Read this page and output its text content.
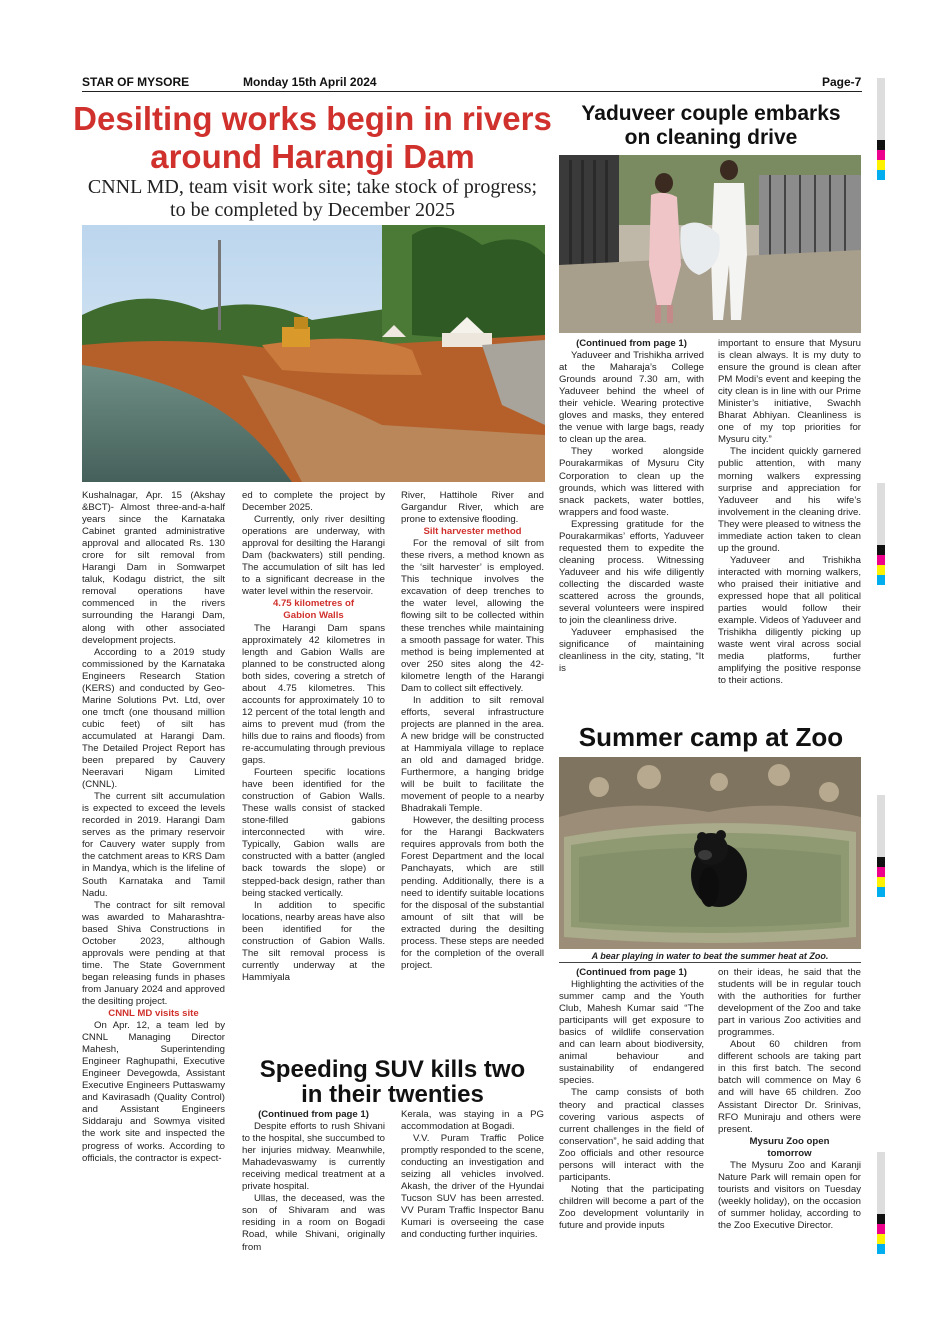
STAR OF MYSORE	Monday 15th April 2024	Page-7
Desilting works begin in rivers
around Harangi Dam
CNNL MD, team visit work site; take stock of progress;
to be completed by December 2025

Kushalnagar, Apr. 15 (Akshay &BCT)- Almost three-and-a-half years since the Karnataka Cabinet granted administrative approval and allocated Rs. 130 crore for silt removal from Harangi Dam in Somwarpet taluk, Kodagu district, the silt removal operations have commenced in the rivers surrounding the Harangi Dam, along with other associated development projects.

According to a 2019 study commissioned by the Karnataka Engineers Research Station (KERS) and conducted by Geo-Marine Solutions Pvt. Ltd, over one tmcft (one thousand million cubic feet) of silt has accumulated at Harangi Dam. The Detailed Project Report has been prepared by Cauvery Neeravari Nigam Limited (CNNL).

The current silt accumulation is expected to exceed the levels recorded in 2019. Harangi Dam serves as the primary reservoir for Cauvery water supply from the catchment areas to KRS Dam in Mandya, which is the lifeline of South Karnataka and Tamil Nadu.

The contract for silt removal was awarded to Maharashtra-based Shiva Constructions in October 2023, although approvals were pending at that time. The State Government began releasing funds in phases from January 2024 and approved the desilting project.

CNNL MD visits site

On Apr. 12, a team led by CNNL Managing Director Mahesh, Superintending Engineer Raghupathi, Executive Engineer Devegowda, Assistant Executive Engineers Puttaswamy and Kavirasadh (Quality Control) and Assistant Engineers Siddaraju and Sowmya visited the work site and inspected the progress of works. According to officials, the contractor is expect-

ed to complete the project by December 2025.

Currently, only river desilting operations are underway, with approval for desilting the Harangi Dam (backwaters) still pending. The accumulation of silt has led to a significant decrease in the water level within the reservoir.

4.75 kilometres of

Gabion Walls

The Harangi Dam spans approximately 42 kilometres in length and Gabion Walls are planned to be constructed along both sides, covering a stretch of about 4.75 kilometres. This accounts for approximately 10 to 12 percent of the total length and aims to prevent mud (from the hills due to rains and floods) from re-accumulating through previous gaps.

Fourteen specific locations have been identified for the construction of Gabion Walls. These walls consist of stacked stone-filled gabions interconnected with wire. Typically, Gabion walls are constructed with a batter (angled back towards the slope) or stepped-back design, rather than being stacked vertically.

In addition to specific locations, nearby areas have also been identified for the construction of Gabion Walls. The silt removal process is currently underway at the Hammiyala

River, Hattihole River and Gargandur River, which are prone to extensive flooding.

Silt harvester method

For the removal of silt from these rivers, a method known as the ‘silt harvester’ is employed. This technique involves the excavation of deep trenches to the water level, allowing the flowing silt to be collected within these trenches while maintaining a smooth passage for water. This method is being implemented at over 250 sites along the 42-kilometre length of the Harangi Dam to collect silt effectively.

In addition to silt removal efforts, several infrastructure projects are planned in the area. A new bridge will be constructed at Hammiyala village to replace an old and damaged bridge. Furthermore, a hanging bridge will be built to facilitate the movement of people to a nearby Bhadrakali Temple.

However, the desilting process for the Harangi Backwaters requires approvals from both the Forest Department and the local Panchayats, which are still pending. Additionally, there is a need to identify suitable locations for the disposal of the substantial amount of silt that will be extracted during the desilting process. These steps are needed for the completion of the overall project.

Speeding SUV kills two
in their twenties

(Continued from page 1)

Despite efforts to rush Shivani to the hospital, she succumbed to her injuries midway. Meanwhile, Mahadevaswamy is currently receiving medical treatment at a private hospital.

Ullas, the deceased, was the son of Shivaram and was residing in a room on Bogadi Road, while Shivani, originally from

Kerala, was staying in a PG accommodation at Bogadi.

V.V. Puram Traffic Police promptly responded to the scene, conducting an investigation and seizing all vehicles involved. Akash, the driver of the Hyundai Tucson SUV has been arrested. VV Puram Traffic Inspector Banu Kumari is overseeing the case and conducting further inquiries.

Yaduveer couple embarks
on cleaning drive

(Continued from page 1)

Yaduveer and Trishikha arrived at the Maharaja’s College Grounds around 7.30 am, with Yaduveer behind the wheel of their vehicle. Wearing protective gloves and masks, they entered the venue with large bags, ready to clean up the area.

They worked alongside Pourakarmikas of Mysuru City Corporation to clean up the grounds, which was littered with snack packets, water bottles, wrappers and food waste.

Expressing gratitude for the Pourakarmikas’ efforts, Yaduveer requested them to expedite the cleaning process. Witnessing Yaduveer and his wife diligently collecting the discarded waste scattered across the grounds, several volunteers were inspired to join the cleanliness drive.

Yaduveer emphasised the significance of maintaining cleanliness in the city, stating, “It is

important to ensure that Mysuru is clean always. It is my duty to ensure the ground is clean after PM Modi’s event and keeping the city clean is in line with our Prime Minister’s initiative, Swachh Bharat Abhiyan. Cleanliness is one of my top priorities for Mysuru city.”

The incident quickly garnered public attention, with many morning walkers expressing surprise and appreciation for Yaduveer and his wife’s involvement in the cleaning drive. They were pleased to witness the immediate action taken to clean up the ground.

Yaduveer and Trishikha interacted with morning walkers, who praised their initiative and expressed hope that all political parties would follow their example. Videos of Yaduveer and Trishikha diligently picking up waste went viral across social media platforms, further amplifying the positive response to their actions.

Summer camp at Zoo
A bear playing in water to beat the summer heat at Zoo.

(Continued from page 1)

Highlighting the activities of the summer camp and the Youth Club, Mahesh Kumar said “The participants will get exposure to basics of wildlife conservation and can learn about biodiversity, animal behaviour and sustainability of endangered species.

The camp consists of both theory and practical classes covering various aspects of current challenges in the field of conservation”, he said adding that Zoo officials and other resource persons will interact with the participants.

Noting that the participating children will become a part of the Zoo development voluntarily in future and provide inputs

on their ideas, he said that the students will be in regular touch with the authorities for further development of the Zoo and take part in various Zoo activities and programmes.

About 60 children from different schools are taking part in this first batch. The second batch will commence on May 6 and will have 65 children. Zoo Assistant Director Dr. Srinivas, RFO Muniraju and others were present.

Mysuru Zoo open

tomorrow

The Mysuru Zoo and Karanji Nature Park will remain open for tourists and visitors on Tuesday (weekly holiday), on the occasion of summer holiday, according to the Zoo Executive Director.
